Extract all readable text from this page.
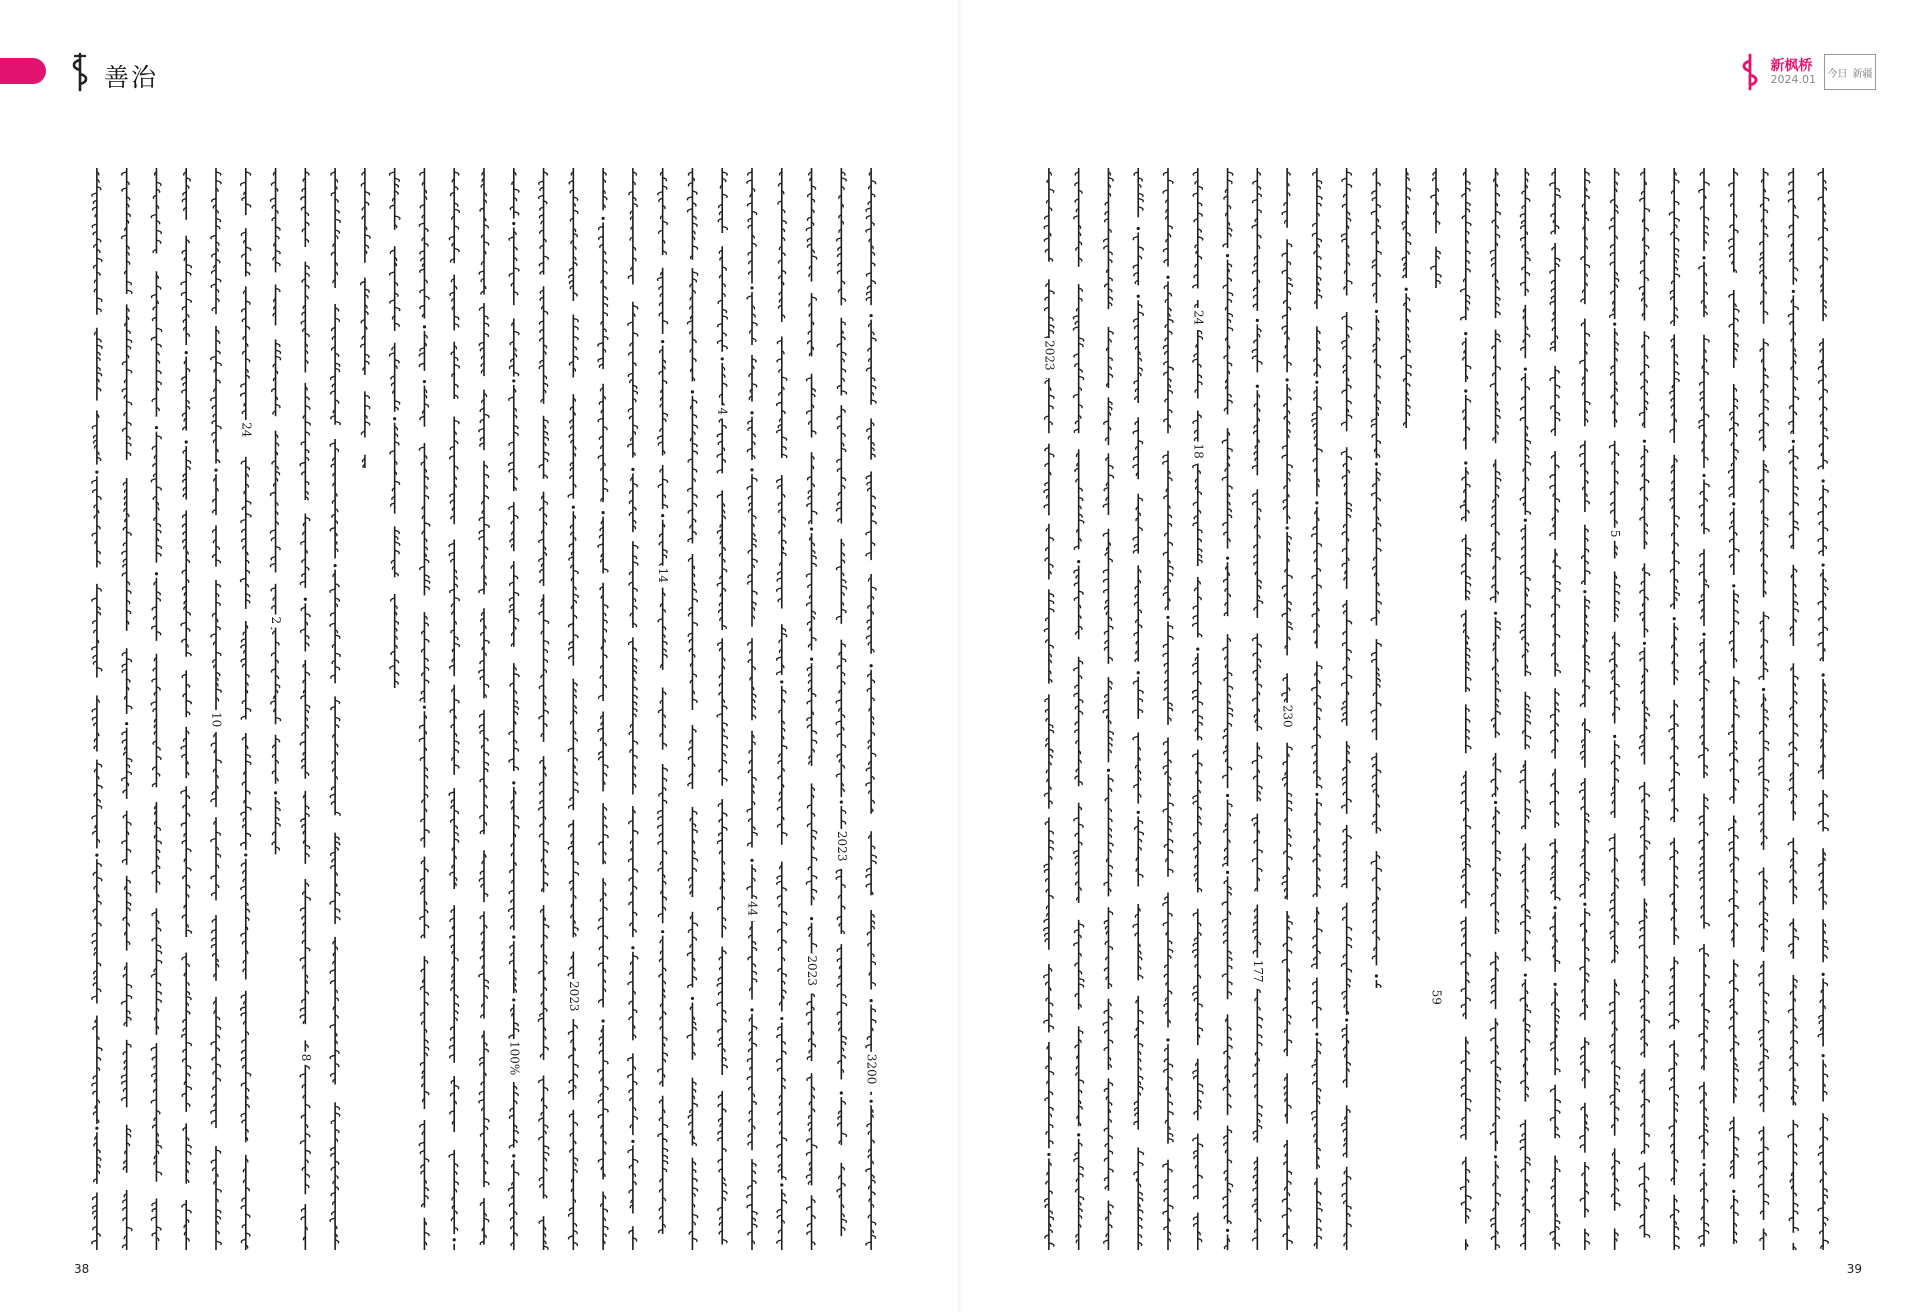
善治	新枫桥
2024.01 今日 新疆
2023
10
100%
44
3200
2023
2
4
14
24
2023
8
59
230
24
177
18
2023
5
38	39
